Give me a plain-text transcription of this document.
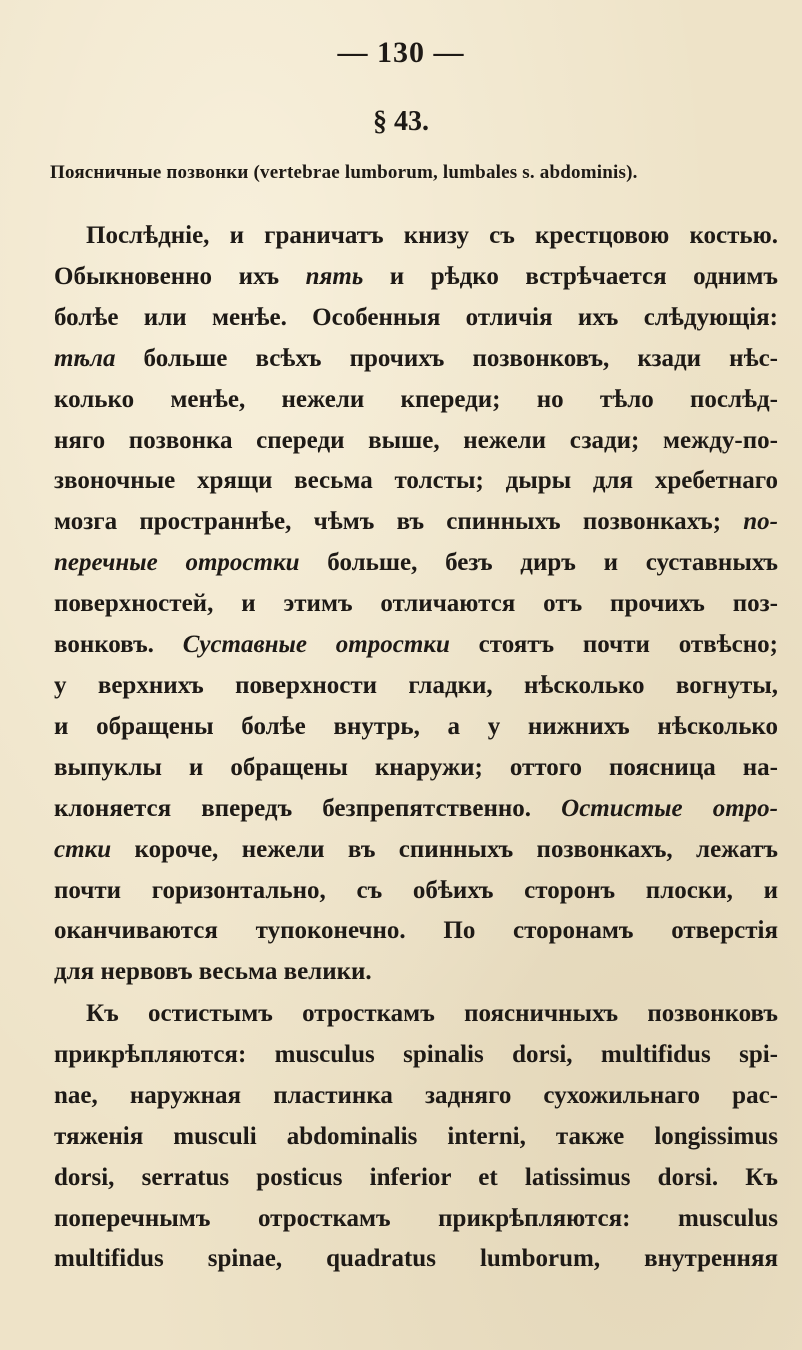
— 130 —
§ 43.
Поясничные позвонки (vertebrae lumborum, lumbales s. abdominis).
Послѣдніе, и граничатъ книзу съ крестцовою костью.
Обыкновенно ихъ пять и рѣдко встрѣчается однимъ
болѣе или менѣе. Особенныя отличія ихъ слѣдующія:
тѣла больше всѣхъ прочихъ позвонковъ, кзади нѣс-
колько менѣе, нежели кпереди; но тѣло послѣд-
няго позвонка спереди выше, нежели сзади; между-по-
звоночные хрящи весьма толсты; дыры для хребетнаго
мозга пространнѣе, чѣмъ въ спинныхъ позвонкахъ; по-
перечные отростки больше, безъ диръ и суставныхъ
поверхностей, и этимъ отличаются отъ прочихъ поз-
вонковъ. Суставные отростки стоятъ почти отвѣсно;
у верхнихъ поверхности гладки, нѣсколько вогнуты,
и обращены болѣе внутрь, а у нижнихъ нѣсколько
выпуклы и обращены кнаружи; оттого поясница на-
клоняется впередъ безпрепятственно. Остистые отро-
стки короче, нежели въ спинныхъ позвонкахъ, лежатъ
почти горизонтально, съ обѣихъ сторонъ плоски, и
оканчиваются тупоконечно. По сторонамъ отверстія
для нервовъ весьма велики.
Къ остистымъ отросткамъ поясничныхъ позвонковъ
прикрѣпляются: musculus spinalis dorsi, multifidus spi-
nae, наружная пластинка задняго сухожильнаго рас-
тяженія musculi abdominalis interni, также longissimus
dorsi, serratus posticus inferior et latissimus dorsi. Къ
поперечнымъ отросткамъ прикрѣпляются: musculus
multifidus spinae, quadratus lumborum, внутренняя
